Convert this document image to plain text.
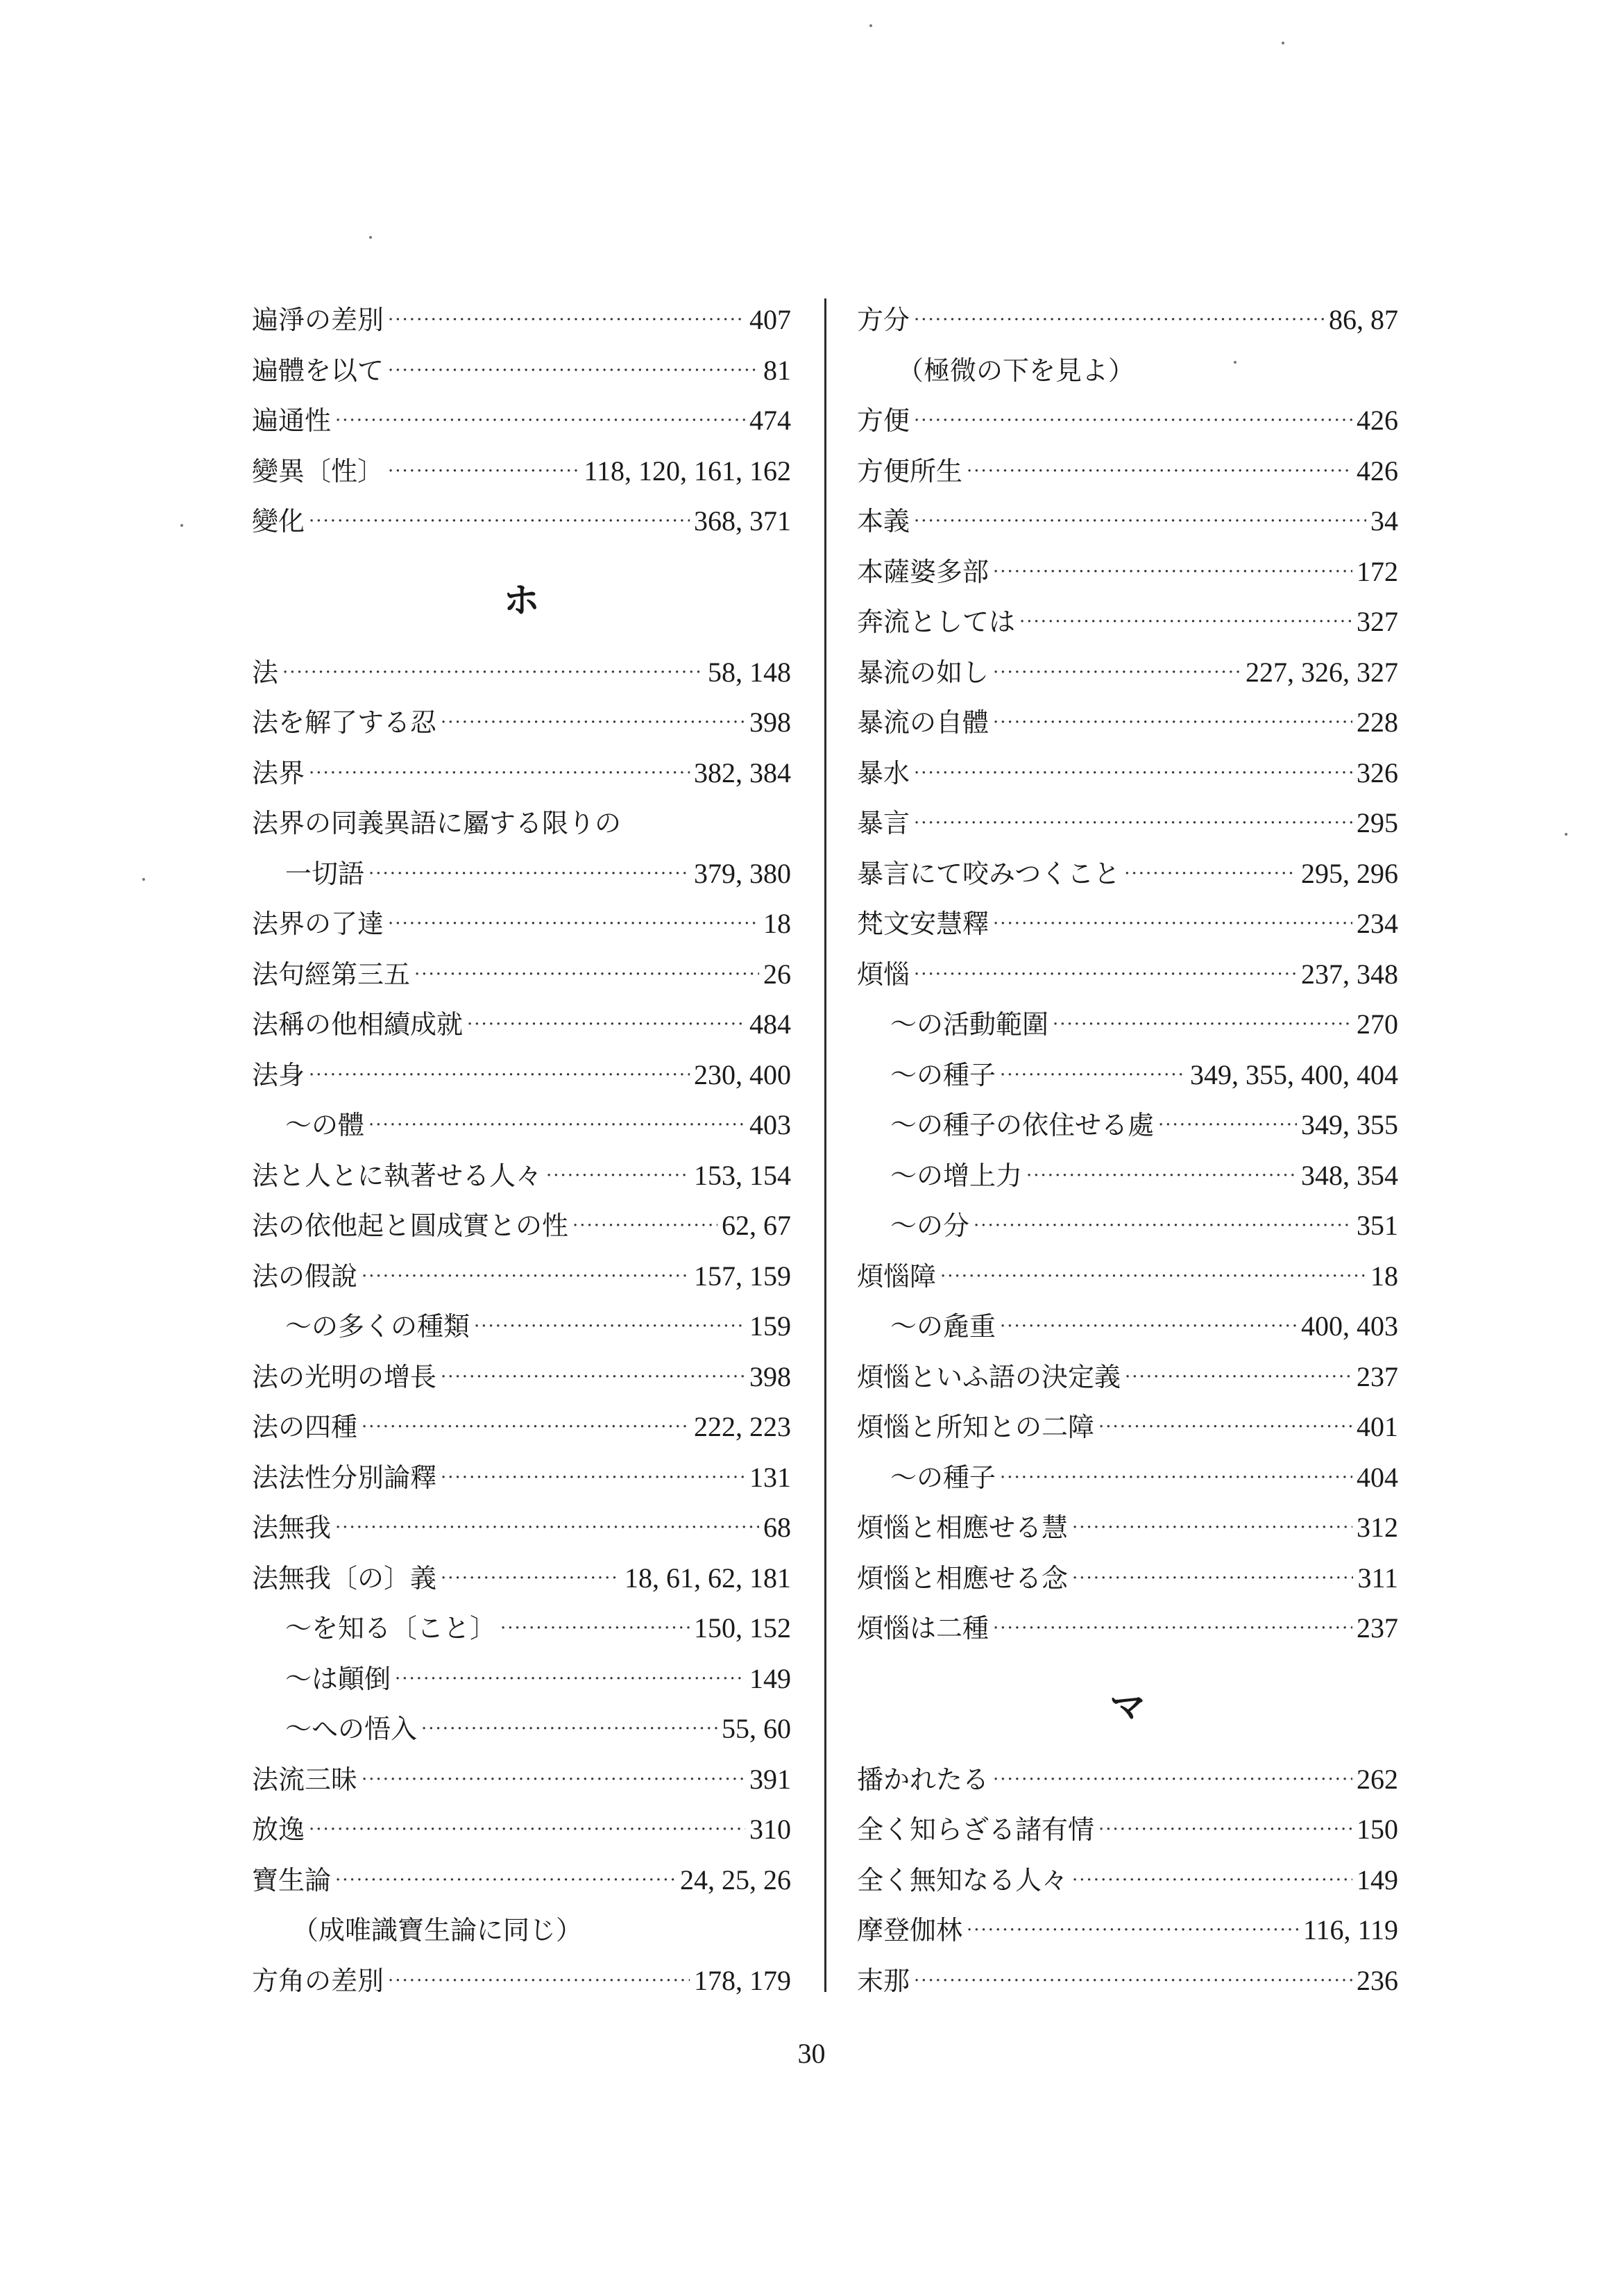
遍淨の差別 ·····	407
遍體を以て ·····	81
遍通性 ·····	474
變異〔性〕 ·····	118, 120, 161, 162
變化 ·····	368, 371
ホ
法 ·····	58, 148
法を解了する忍 ·····	398
法界 ·····	382, 384
法界の同義異語に屬する限りの
一切語 ·····	379, 380
法界の了達 ·····	18
法句經第三五 ·····	26
法稱の他相續成就 ·····	484
法身 ·····	230, 400
〜の體 ·····	403
法と人とに執著せる人々 ·····	153, 154
法の依他起と圓成實との性 ·····	62, 67
法の假說 ·····	157, 159
〜の多くの種類 ·····	159
法の光明の增長 ·····	398
法の四種 ·····	222, 223
法法性分別論釋 ·····	131
法無我 ·····	68
法無我〔の〕義 ·····	18, 61, 62, 181
〜を知る〔こと〕 ·····	150, 152
〜は顚倒 ·····	149
〜への悟入 ·····	55, 60
法流三昧 ·····	391
放逸 ·····	310
寶生論 ·····	24, 25, 26
（成唯識寶生論に同じ）
方角の差別 ·····	178, 179
方分 ·····	86, 87
（極微の下を見よ）
方便 ·····	426
方便所生 ·····	426
本義 ·····	34
本薩婆多部 ·····	172
奔流としては ·····	327
暴流の如し ·····	227, 326, 327
暴流の自體 ·····	228
暴水 ·····	326
暴言 ·····	295
暴言にて咬みつくこと ·····	295, 296
梵文安慧釋 ·····	234
煩惱 ·····	237, 348
〜の活動範圍 ·····	270
〜の種子 ·····	349, 355, 400, 404
〜の種子の依住せる處 ·····	349, 355
〜の增上力 ·····	348, 354
〜の分 ·····	351
煩惱障 ·····	18
〜の麁重 ·····	400, 403
煩惱といふ語の決定義 ·····	237
煩惱と所知との二障 ·····	401
〜の種子 ·····	404
煩惱と相應せる慧 ·····	312
煩惱と相應せる念 ·····	311
煩惱は二種 ·····	237
マ
播かれたる ·····	262
全く知らざる諸有情 ·····	150
全く無知なる人々 ·····	149
摩登伽林 ·····	116, 119
末那 ·····	236
30
